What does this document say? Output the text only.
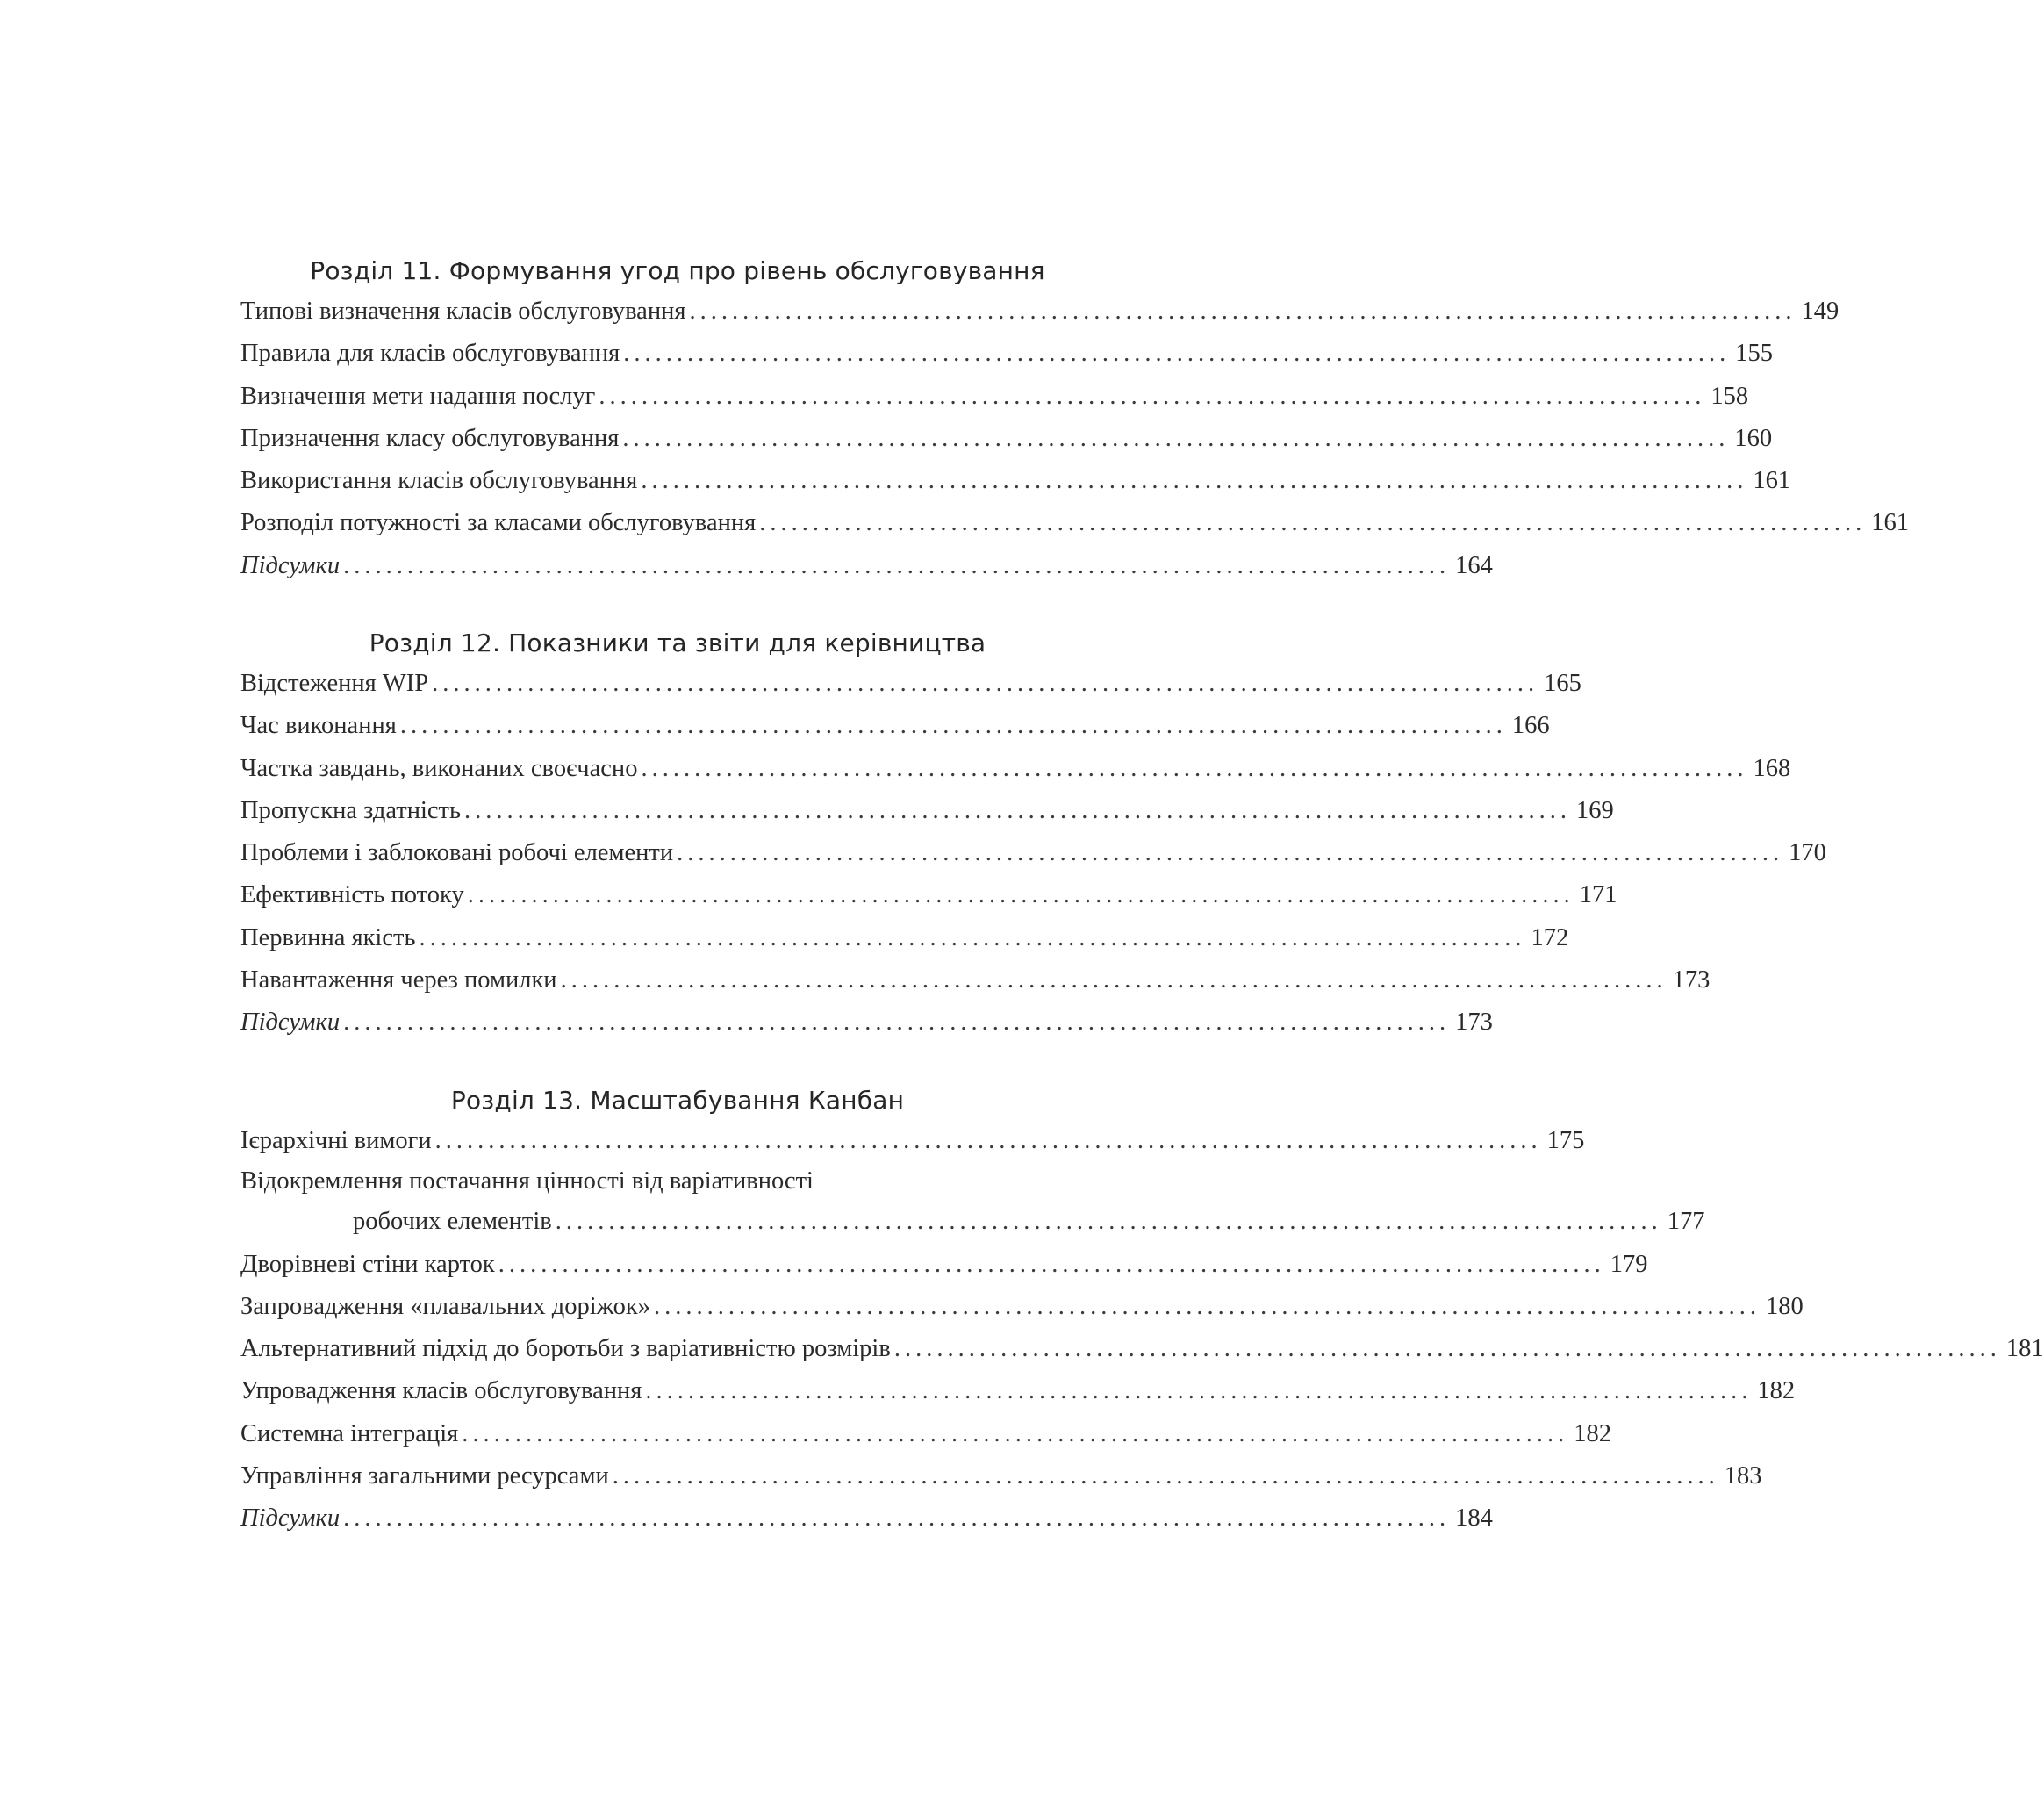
Розділ 11. Формування угод про рівень обслуговування
Типові визначення класів обслуговування ........................................................................................................ 149
Правила для класів обслуговування ........................................................................................................ 155
Визначення мети надання послуг ........................................................................................................ 158
Призначення класу обслуговування ........................................................................................................ 160
Використання класів обслуговування ........................................................................................................ 161
Розподіл потужності за класами обслуговування ........................................................................................................ 161
Підсумки ........................................................................................................ 164
Розділ 12. Показники та звіти для керівництва
Відстеження WIP ........................................................................................................ 165
Час виконання ........................................................................................................ 166
Частка завдань, виконаних своєчасно ........................................................................................................ 168
Пропускна здатність ........................................................................................................ 169
Проблеми і заблоковані робочі елементи ........................................................................................................ 170
Ефективність потоку ........................................................................................................ 171
Первинна якість ........................................................................................................ 172
Навантаження через помилки ........................................................................................................ 173
Підсумки ........................................................................................................ 173
Розділ 13. Масштабування Канбан
Ієрархічні вимоги ........................................................................................................ 175
Відокремлення постачання цінності від варіативності
робочих елементів ........................................................................................................ 177
Дворівневі стіни карток ........................................................................................................ 179
Запровадження «плавальних доріжок» ........................................................................................................ 180
Альтернативний підхід до боротьби з варіативністю розмірів ........................................................................................................ 181
Упровадження класів обслуговування ........................................................................................................ 182
Системна інтеграція ........................................................................................................ 182
Управління загальними ресурсами ........................................................................................................ 183
Підсумки ........................................................................................................ 184
